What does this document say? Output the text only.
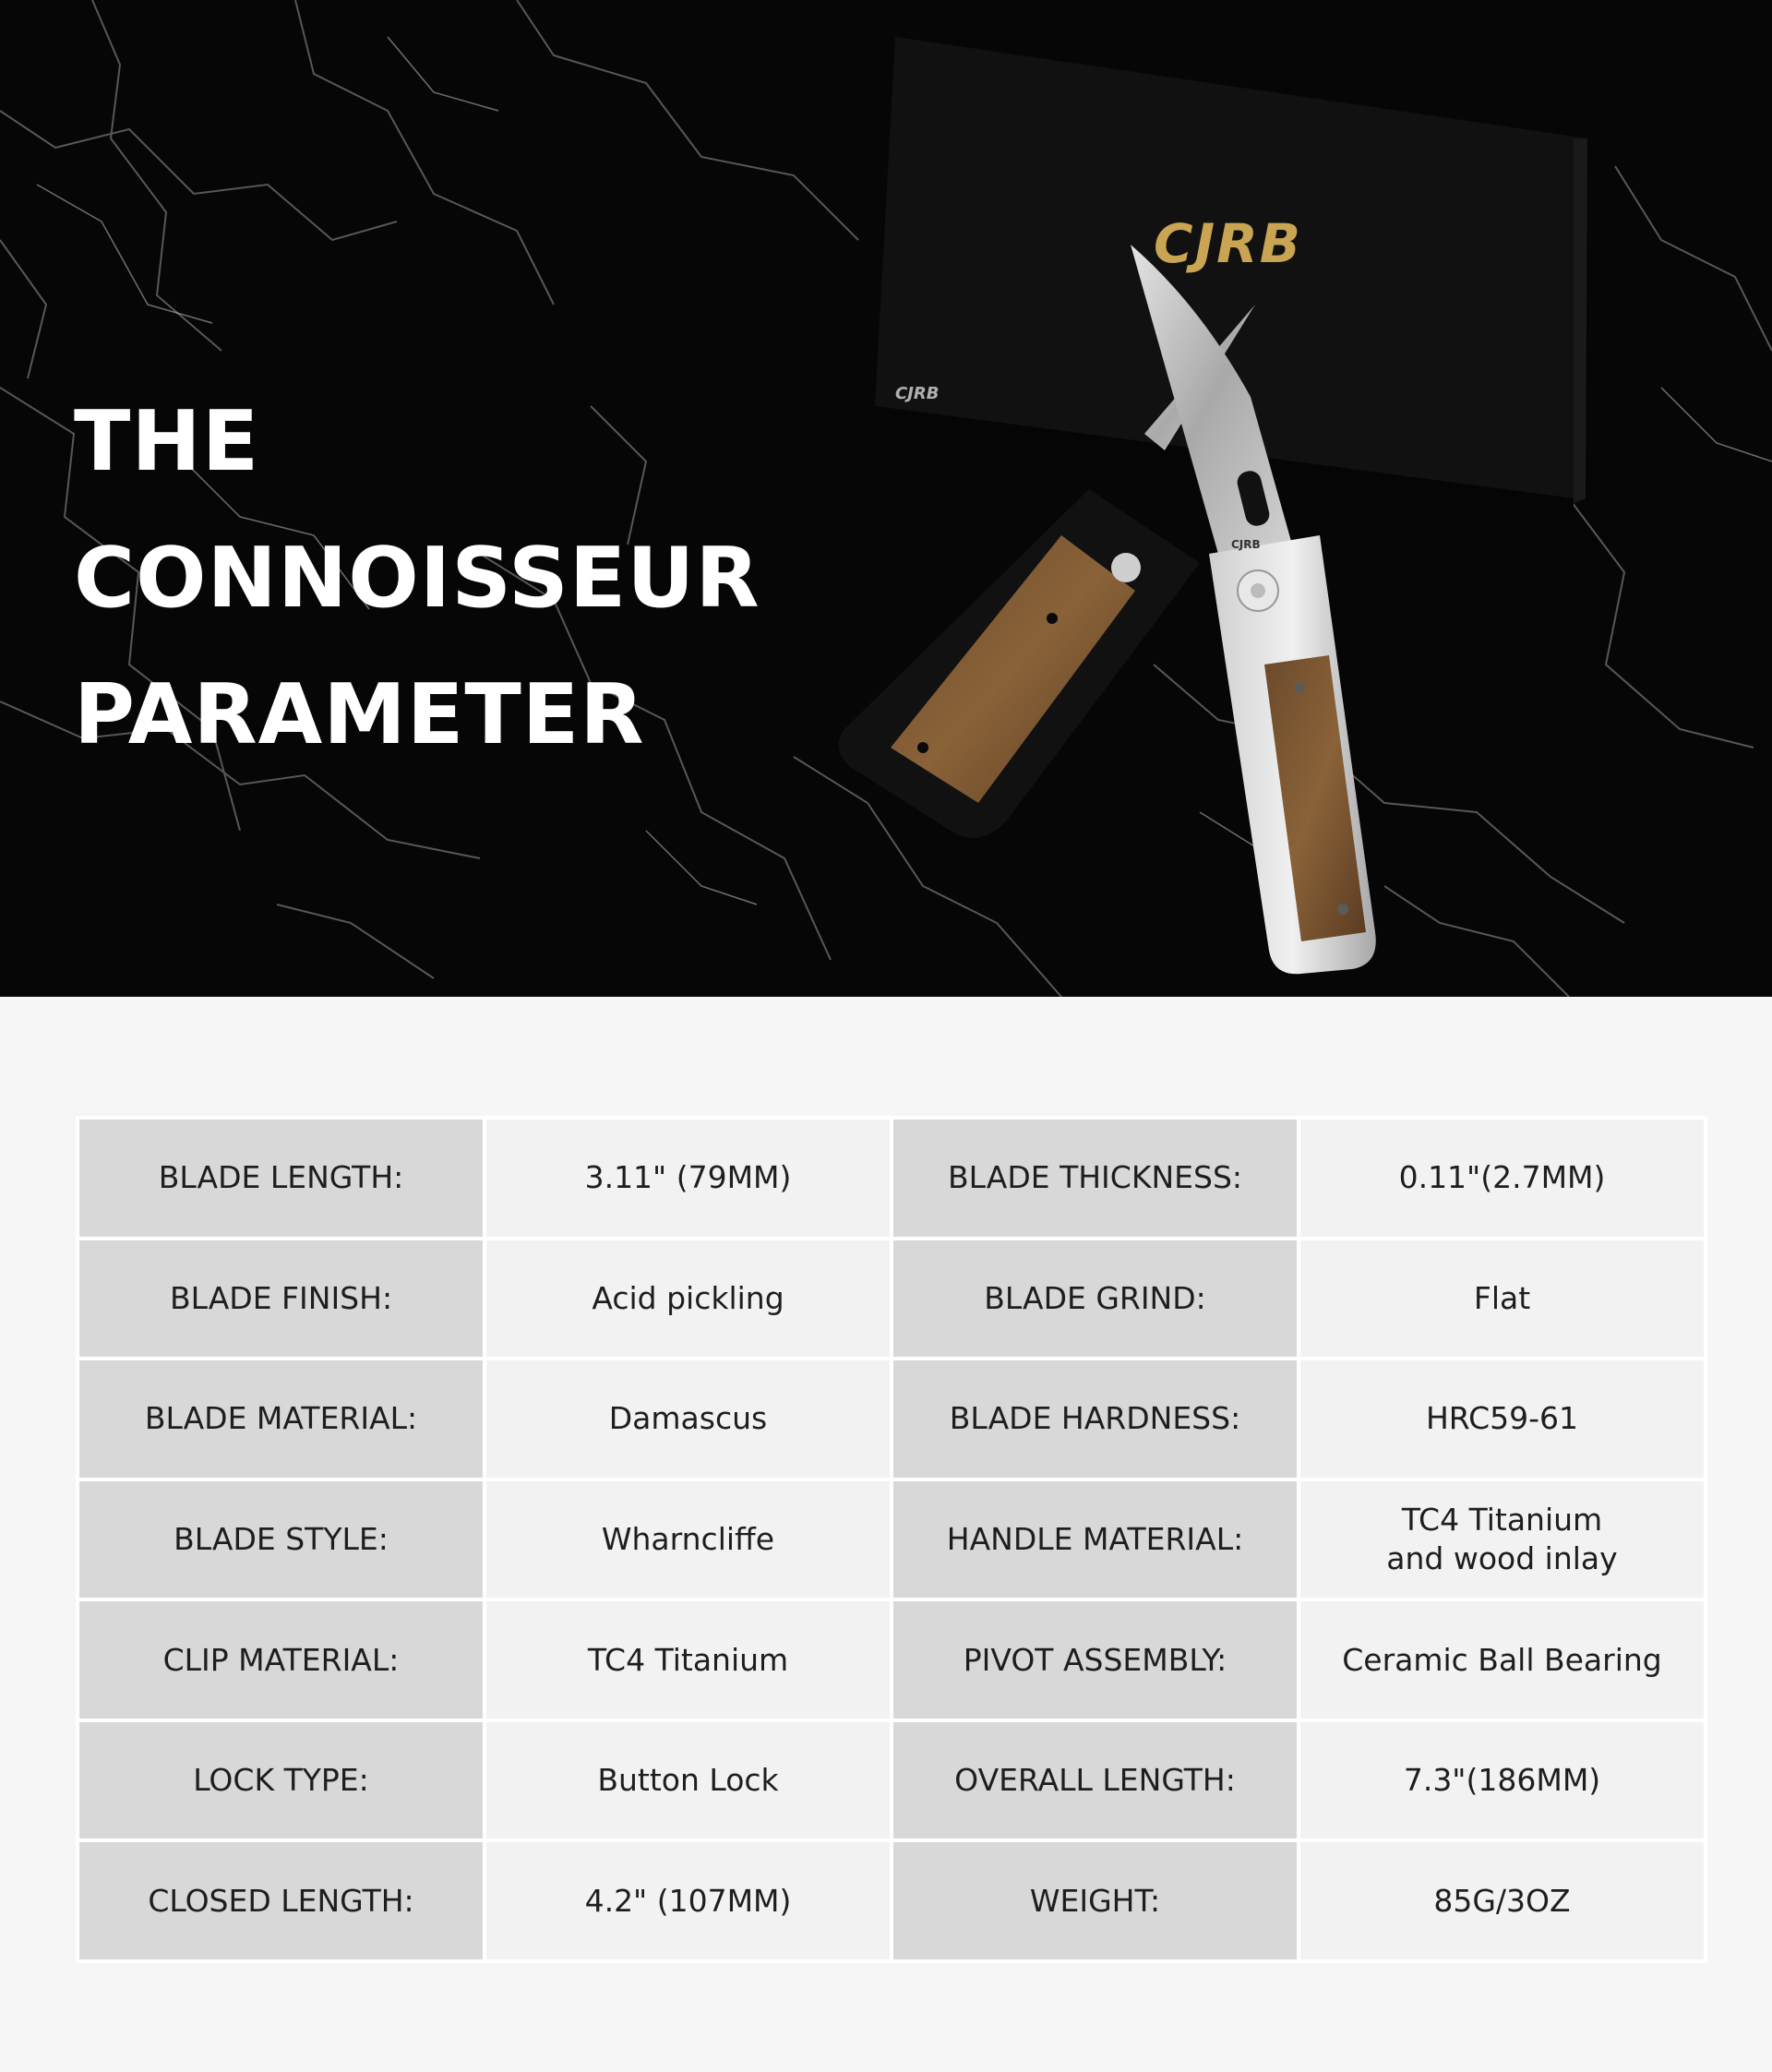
CJRB
CJRB
CJRB
THE
CONNOISSEUR
PARAMETER
BLADE LENGTH:	3.11" (79MM)	BLADE THICKNESS:	0.11"(2.7MM)
BLADE FINISH:	Acid pickling	BLADE GRIND:	Flat
BLADE MATERIAL:	Damascus	BLADE HARDNESS:	HRC59-61
BLADE STYLE:	Wharncliffe	HANDLE MATERIAL:	TC4 Titanium
and wood inlay

CLIP MATERIAL:	TC4 Titanium	PIVOT ASSEMBLY:	Ceramic Ball Bearing
LOCK TYPE:	Button Lock	OVERALL LENGTH:	7.3"(186MM)
CLOSED LENGTH:	4.2" (107MM)	WEIGHT:	85G/3OZ
